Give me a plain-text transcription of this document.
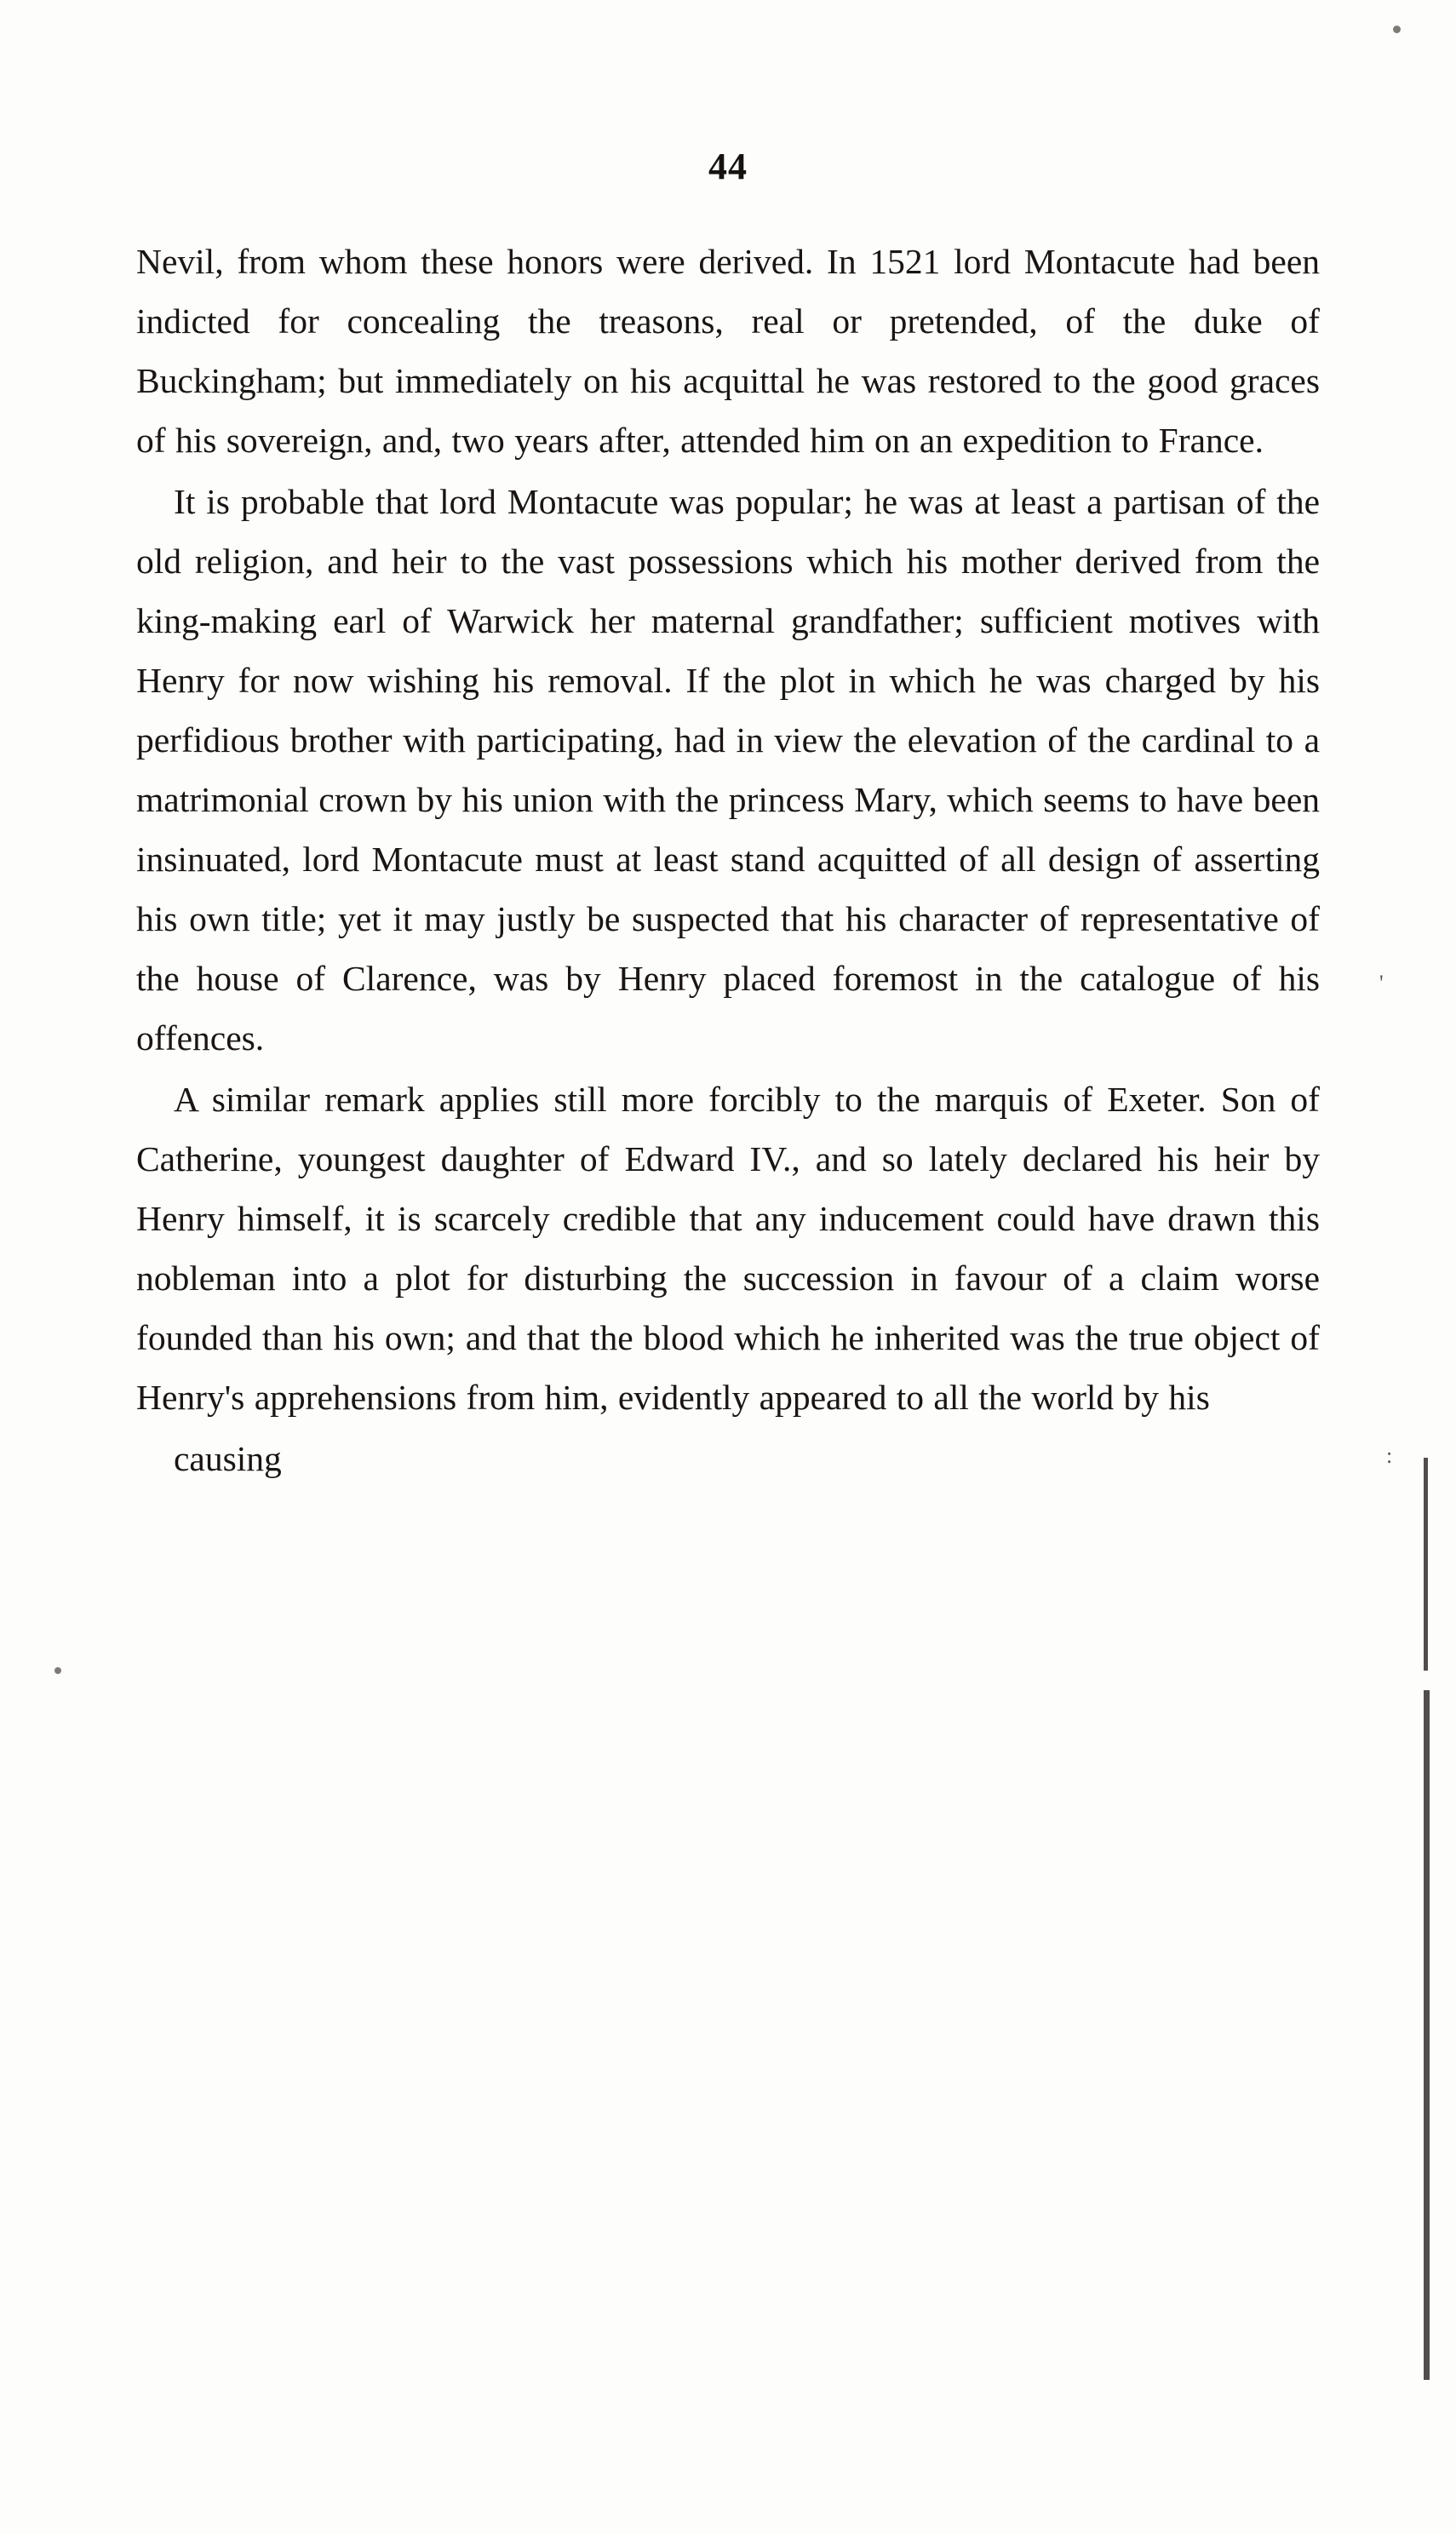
44

Nevil, from whom these honors were derived. In 1521 lord Montacute had been indicted for concealing the treasons, real or pretended, of the duke of Buckingham; but immediately on his acquittal he was restored to the good graces of his sovereign, and, two years after, attended him on an expedition to France.

It is probable that lord Montacute was popular; he was at least a partisan of the old religion, and heir to the vast possessions which his mother derived from the king-making earl of Warwick her maternal grandfather; sufficient motives with Henry for now wishing his removal. If the plot in which he was charged by his perfidious brother with participating, had in view the elevation of the cardinal to a matrimonial crown by his union with the princess Mary, which seems to have been insinuated, lord Montacute must at least stand acquitted of all design of asserting his own title; yet it may justly be suspected that his character of representative of the house of Clarence, was by Henry placed foremost in the catalogue of his offences.

A similar remark applies still more forcibly to the marquis of Exeter. Son of Catherine, youngest daughter of Edward IV., and so lately declared his heir by Henry himself, it is scarcely credible that any inducement could have drawn this nobleman into a plot for disturbing the succession in favour of a claim worse founded than his own; and that the blood which he inherited was the true object of Henry's apprehensions from him, evidently appeared to all the world by his

causing
'
:
